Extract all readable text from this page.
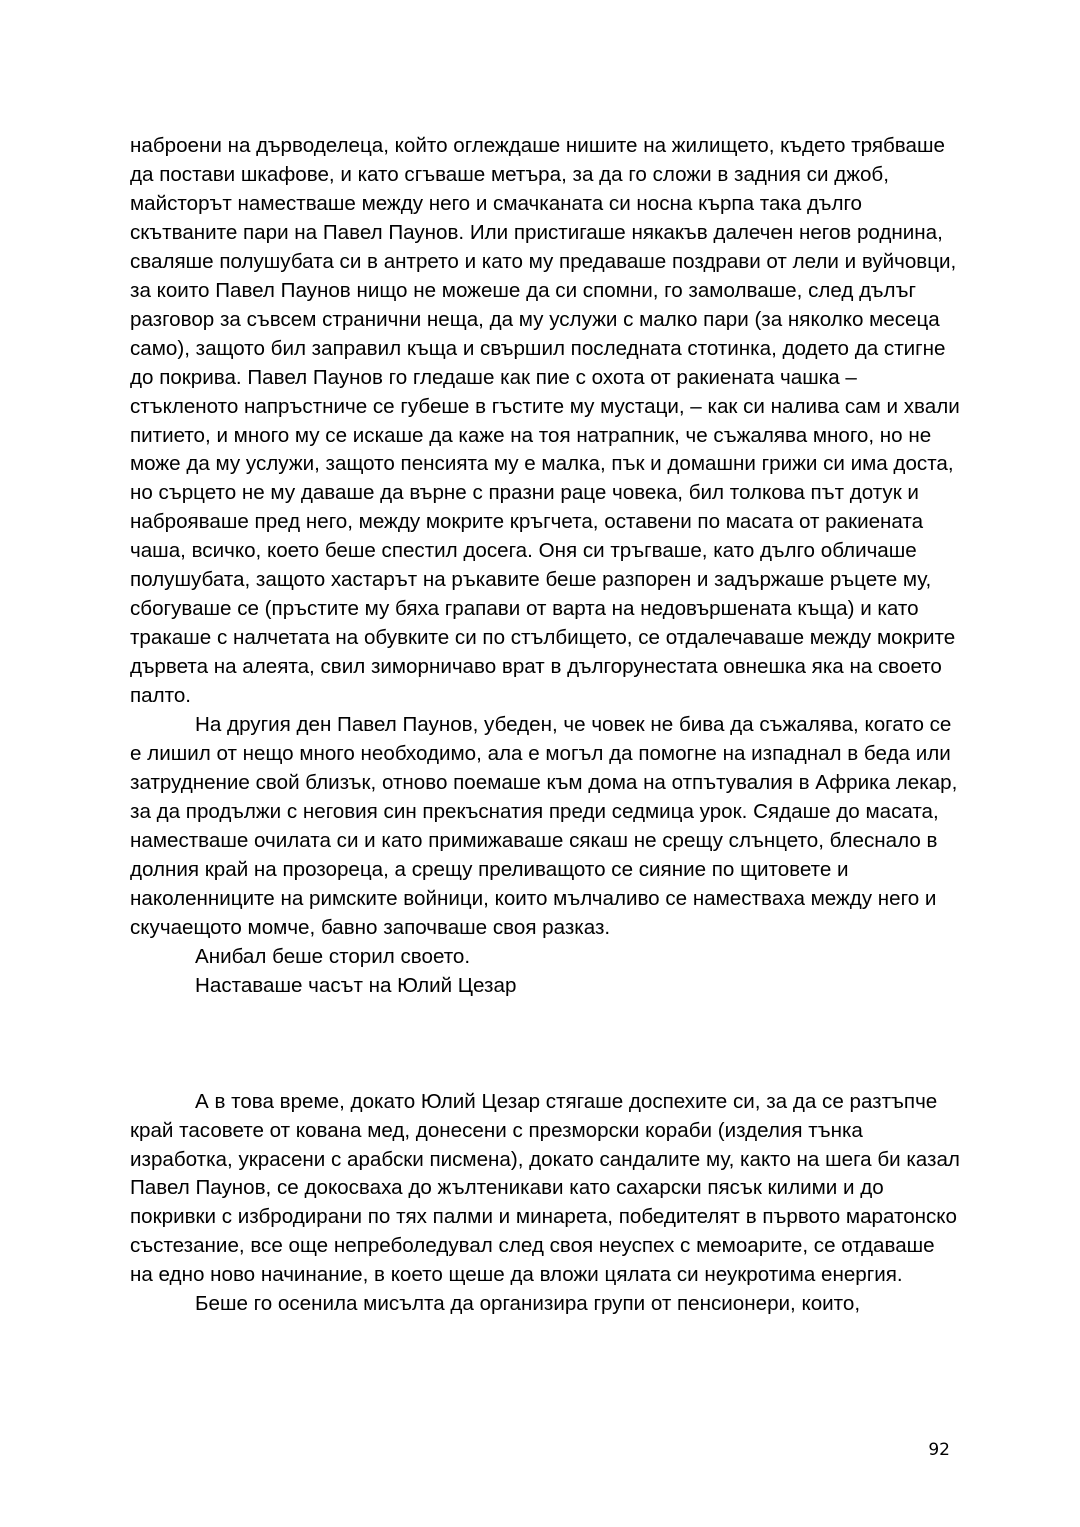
наброени на дърводелеца, който оглеждаше нишите на жилището, където трябваше да постави шкафове, и като сгъваше метъра, за да го сложи в задния си джоб, майсторът наместваше между него и смачканата си носна кърпа така дълго скътваните пари на Павел Паунов. Или пристигаше някакъв далечен негов роднина, сваляше полушубата си в антрето и като му предаваше поздрави от лели и вуйчовци, за които Павел Паунов нищо не можеше да си спомни, го замолваше, след дълъг разговор за съвсем странични неща, да му услужи с малко пари (за няколко месеца само), защото бил заправил къща и свършил последната стотинка, додето да стигне до покрива. Павел Паунов го гледаше как пие с охота от ракиената чашка – стъкленото напръстниче се губеше в гъстите му мустаци, – как си налива сам и хвали питието, и много му се искаше да каже на тоя натрапник, че съжалява много, но не може да му услужи, защото пенсията му е малка, пък и домашни грижи си има доста, но сърцето не му даваше да върне с празни раце човека, бил толкова път дотук и наброяваше пред него, между мокрите кръгчета, оставени по масата от ракиената чаша, всичко, което беше спестил досега. Оня си тръгваше, като дълго обличаше полушубата, защото хастарът на ръкавите беше разпорен и задържаше ръцете му, сбогуваше се (пръстите му бяха грапави от варта на недовършената къща) и като тракаше с налчетата на обувките си по стълбището, се отдалечаваше между мокрите дървета на алеята, свил зиморничаво врат в дългорунестата овнешка яка на своето палто.

На другия ден Павел Паунов, убеден, че човек не бива да съжалява, когато се е лишил от нещо много необходимо, ала е могъл да помогне на изпаднал в беда или затруднение свой близък, отново поемаше към дома на отпътувалия в Африка лекар, за да продължи с неговия син прекъснатия преди седмица урок. Сядаше до масата, наместваше очилата си и като примижаваше сякаш не срещу слънцето, блеснало в долния край на прозореца, а срещу преливащото се сияние по щитовете и наколенниците на римските войници, които мълчаливо се намествaха между него и скучаещото момче, бавно започваше своя разказ.

Анибал беше сторил своето.

Наставаше часът на Юлий Цезар

А в това време, докато Юлий Цезар стягаше доспехите си, за да се разтъпче край тасовете от кована мед, донесени с презморски кораби (изделия тънка изработка, украсени с арабски писмена), докато сандалите му, както на шега би казал Павел Паунов, се докосваха до жълтеникави като сахарски пясък килими и до покривки с избродирани по тях палми и минарета, победителят в първото маратонско състезание, все още непреболедувал след своя неуспех с мемоарите, се отдаваше на едно ново начинание, в което щеше да вложи цялата си неукротима енергия.

Беше го осенила мисълта да организира групи от пенсионери, които,

92
